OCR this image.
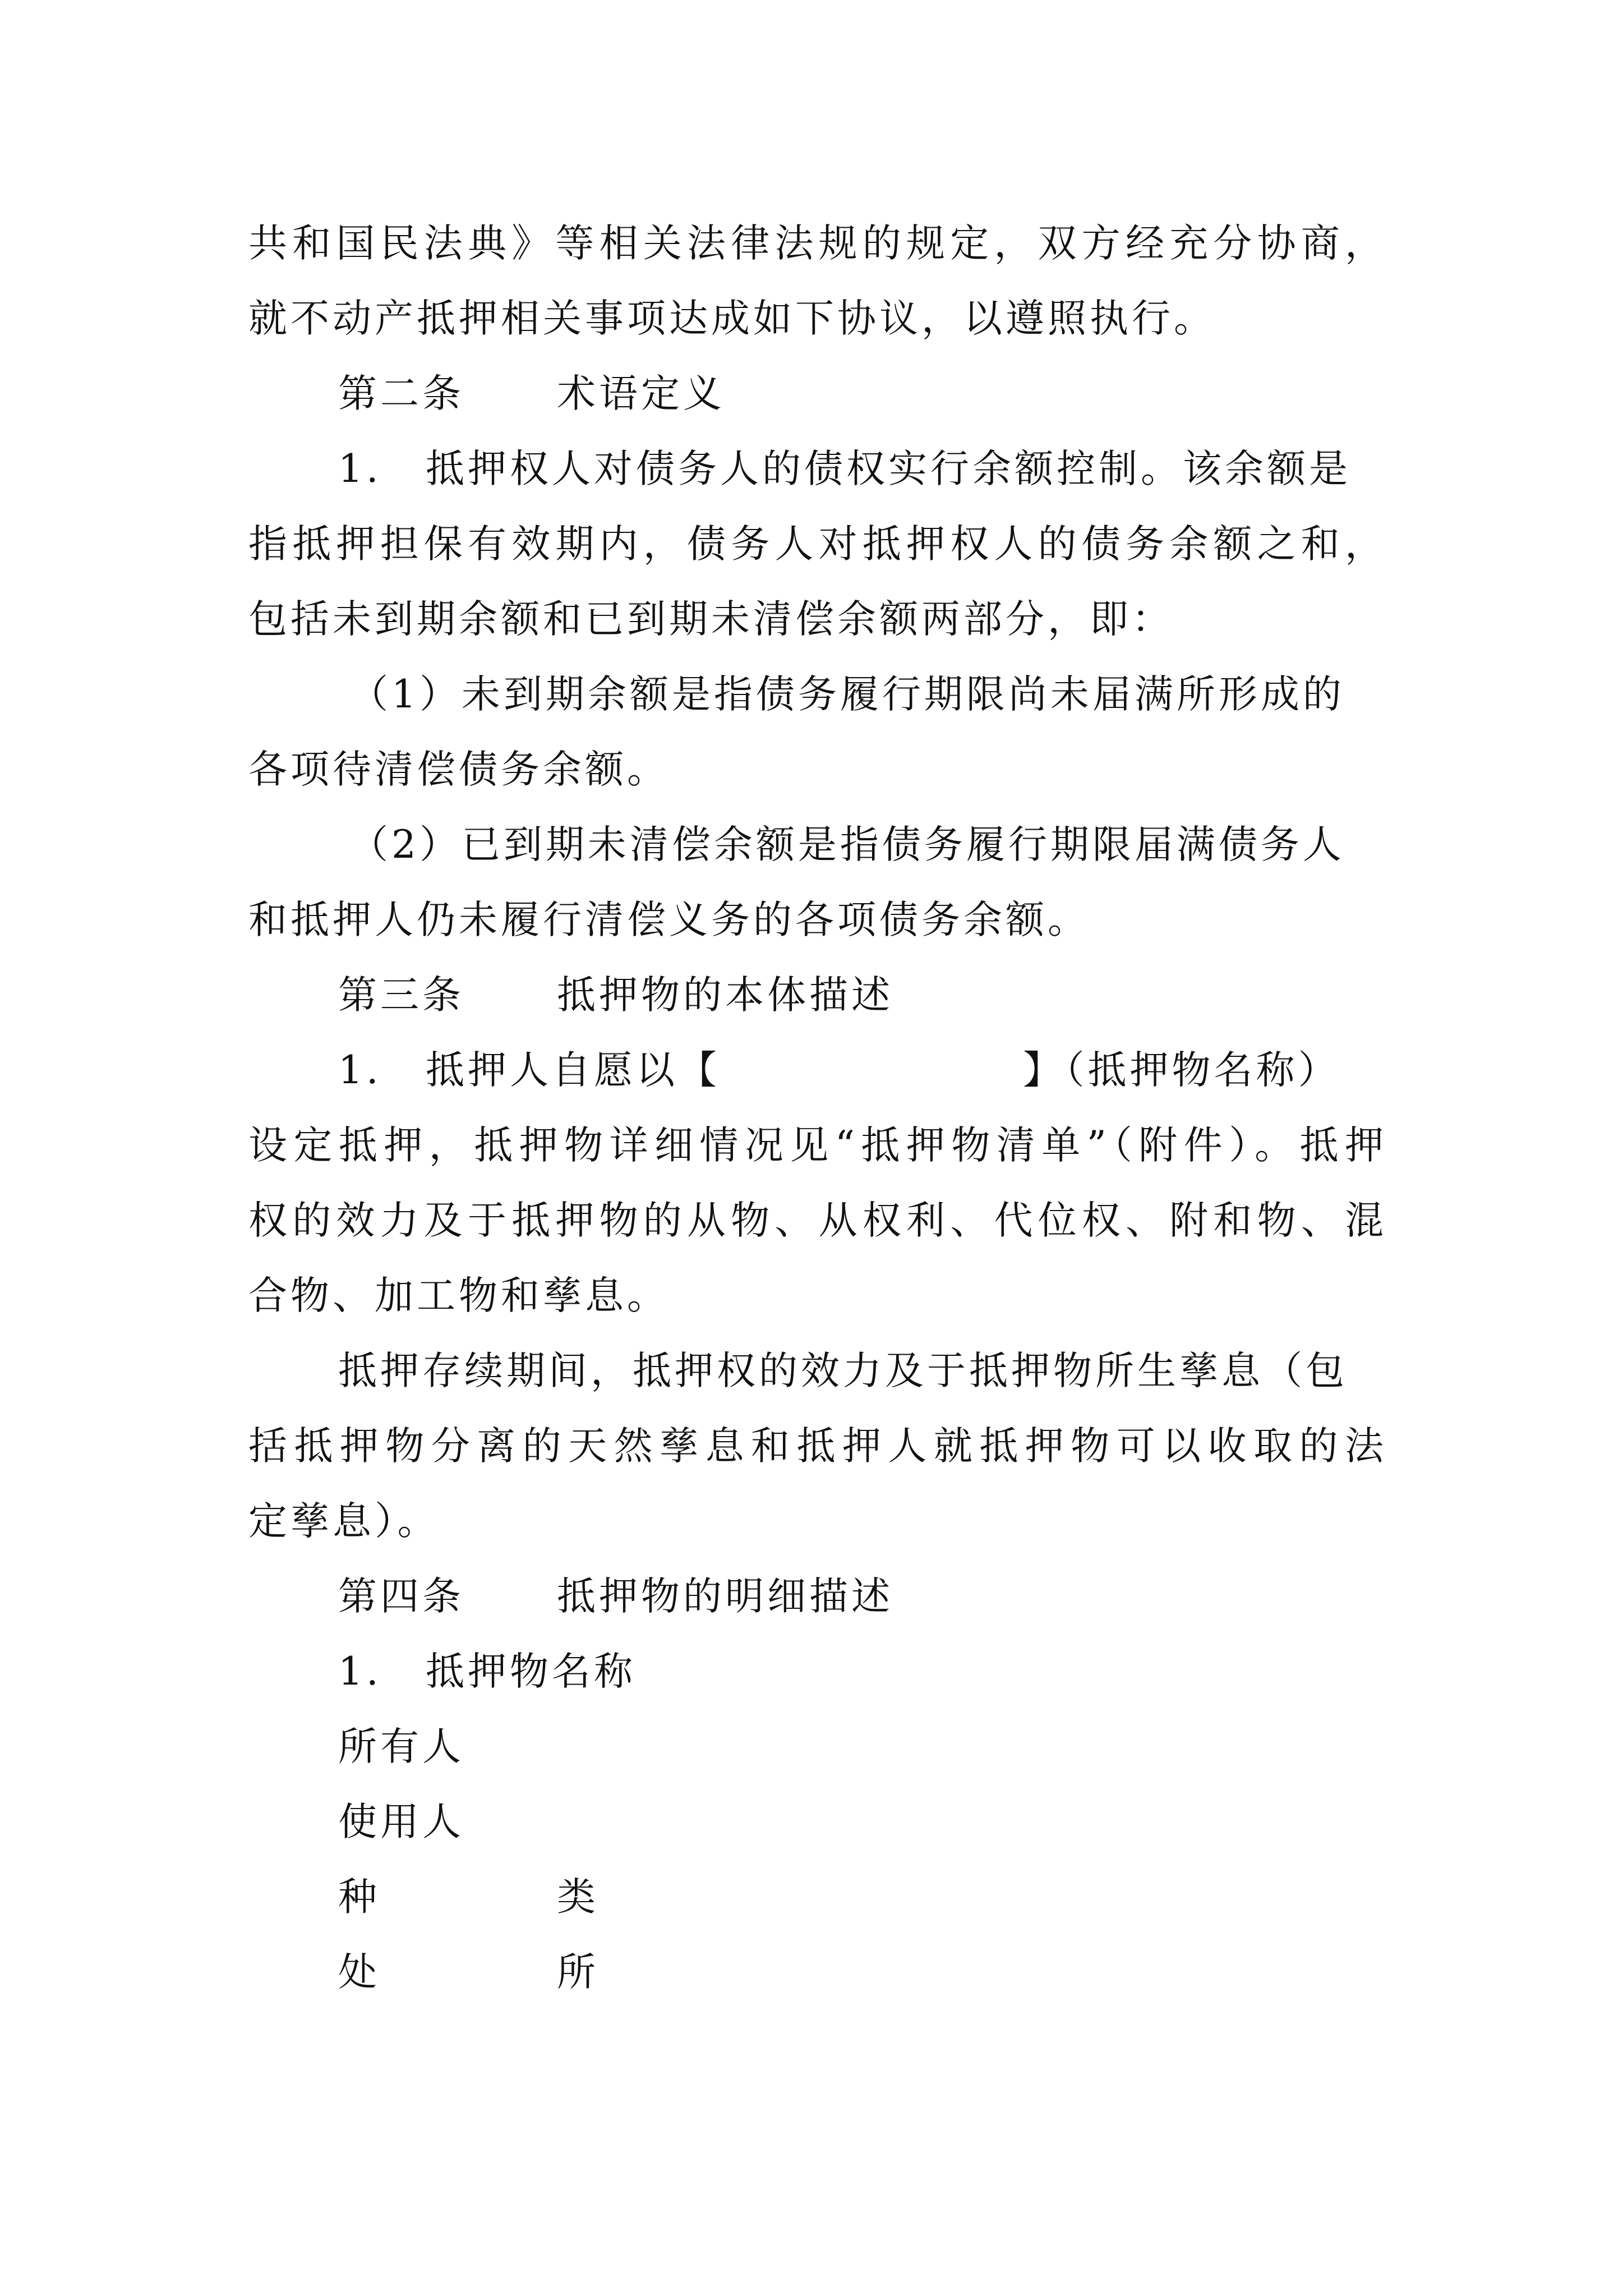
共和国民法典》等相关法律法规的规定，双方经充分协商，

就不动产抵押相关事项达成如下协议，以遵照执行。

第二条 术语定义

1. 抵押权人对债务人的债权实行余额控制。该余额是

指抵押担保有效期内，债务人对抵押权人的债务余额之和，

包括未到期余额和已到期未清偿余额两部分，即：

（1）未到期余额是指债务履行期限尚未届满所形成的

各项待清偿债务余额。

（2）已到期未清偿余额是指债务履行期限届满债务人

和抵押人仍未履行清偿义务的各项债务余额。

第三条 抵押物的本体描述

1. 抵押人自愿以【	】（抵押物名称）

设定抵押，抵押物详细情况见“抵押物清单”（附件）。抵押

权的效力及于抵押物的从物、从权利、代位权、附和物、混

合物、加工物和孳息。

抵押存续期间，抵押权的效力及于抵押物所生孳息（包

括抵押物分离的天然孳息和抵押人就抵押物可以收取的法

定孳息）。

第四条 抵押物的明细描述

1. 抵押物名称

所有人

使用人

种	类

处	所
